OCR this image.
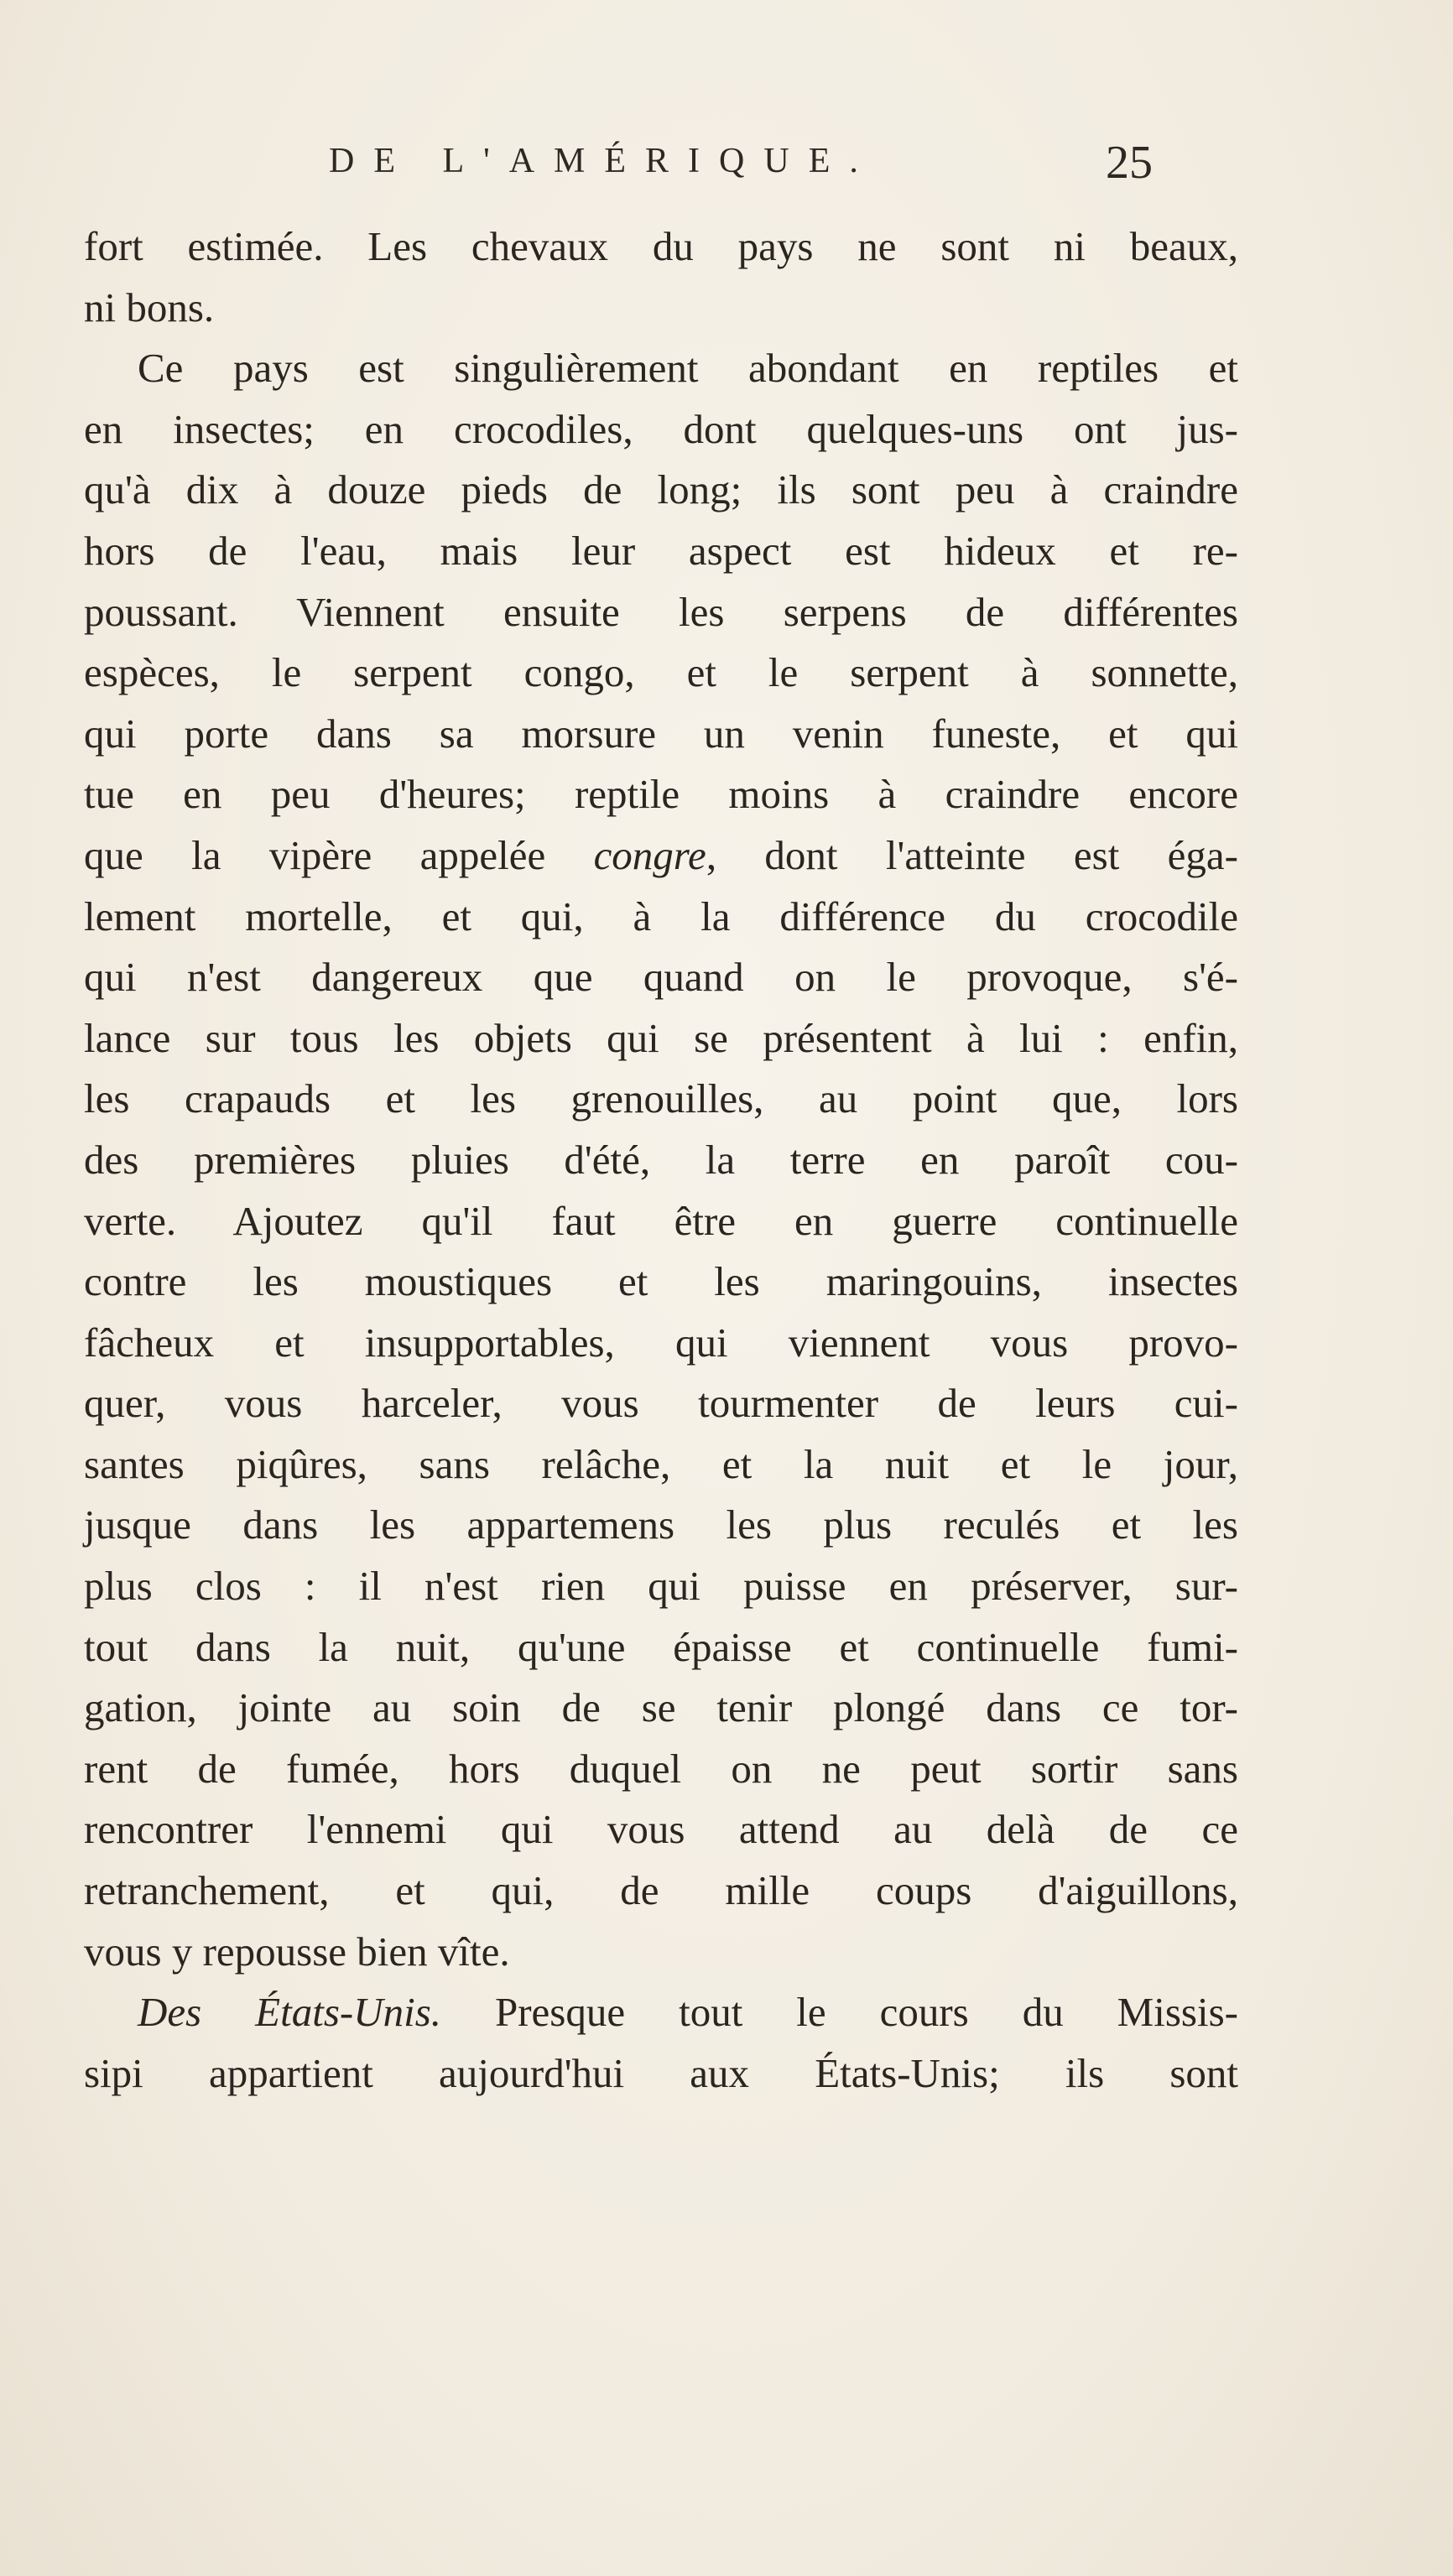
DE L'AMÉRIQUE.	25
fort estimée. Les chevaux du pays ne sont ni beaux,
ni bons.
Ce pays est singulièrement abondant en reptiles et
en insectes; en crocodiles, dont quelques-uns ont jus-
qu'à dix à douze pieds de long; ils sont peu à craindre
hors de l'eau, mais leur aspect est hideux et re-
poussant. Viennent ensuite les serpens de différentes
espèces, le serpent congo, et le serpent à sonnette,
qui porte dans sa morsure un venin funeste, et qui
tue en peu d'heures; reptile moins à craindre encore
que la vipère appelée congre, dont l'atteinte est éga-
lement mortelle, et qui, à la différence du crocodile
qui n'est dangereux que quand on le provoque, s'é-
lance sur tous les objets qui se présentent à lui : enfin,
les crapauds et les grenouilles, au point que, lors
des premières pluies d'été, la terre en paroît cou-
verte. Ajoutez qu'il faut être en guerre continuelle
contre les moustiques et les maringouins, insectes
fâcheux et insupportables, qui viennent vous provo-
quer, vous harceler, vous tourmenter de leurs cui-
santes piqûres, sans relâche, et la nuit et le jour,
jusque dans les appartemens les plus reculés et les
plus clos : il n'est rien qui puisse en préserver, sur-
tout dans la nuit, qu'une épaisse et continuelle fumi-
gation, jointe au soin de se tenir plongé dans ce tor-
rent de fumée, hors duquel on ne peut sortir sans
rencontrer l'ennemi qui vous attend au delà de ce
retranchement, et qui, de mille coups d'aiguillons,
vous y repousse bien vîte.
Des États-Unis. Presque tout le cours du Missis-
sipi appartient aujourd'hui aux États-Unis; ils sont
